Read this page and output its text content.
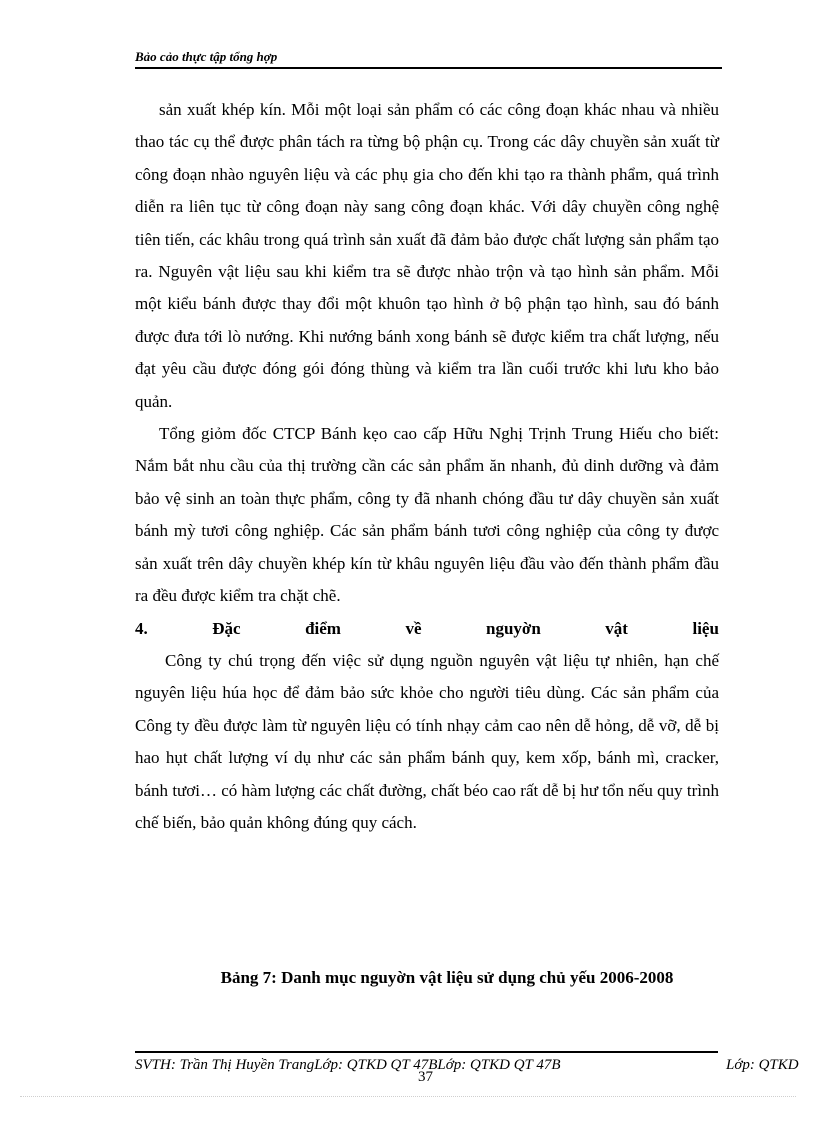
Bảo cảo thực tập tổng hợp

sản xuất khép kín. Mỗi một loại sản phẩm có các công đoạn khác nhau và nhiều thao tác cụ thể được phân tách ra từng bộ phận cụ. Trong các dây chuyền sản xuất từ công đoạn nhào nguyên liệu và các phụ gia cho đến khi tạo ra thành phẩm, quá trình diễn ra liên tục từ công đoạn này sang công đoạn khác. Với dây chuyền công nghệ tiên tiến, các khâu trong quá trình sản xuất đã đảm bảo được chất lượng sản phẩm tạo ra. Nguyên vật liệu sau khi kiểm tra sẽ được nhào trộn và tạo hình sản phẩm. Mỗi một kiểu bánh được thay đổi một khuôn tạo hình ở bộ phận tạo hình, sau đó bánh được đưa tới lò nướng. Khi nướng bánh xong bánh sẽ được kiểm tra chất lượng, nếu đạt yêu cầu được đóng gói đóng thùng và kiểm tra lần cuối trước khi lưu kho bảo quản.

Tổng giỏm đốc CTCP Bánh kẹo cao cấp Hữu Nghị Trịnh Trung Hiếu cho biết: Nắm bắt nhu cầu của thị trường cần các sản phẩm ăn nhanh, đủ dinh dưỡng và đảm bảo vệ sinh an toàn thực phẩm, công ty đã nhanh chóng đầu tư dây chuyền sản xuất bánh mỳ tươi công nghiệp. Các sản phẩm bánh tươi công nghiệp của công ty được sản xuất trên dây chuyền khép kín từ khâu nguyên liệu đầu vào đến thành phẩm đầu ra đều được kiểm tra chặt chẽ.

4.	Đặc	điểm	về	nguyờn	vật	liệu

Công ty chú trọng đến việc sử dụng nguồn nguyên vật liệu tự nhiên, hạn chế nguyên liệu húa học để đảm bảo sức khỏe cho người tiêu dùng. Các sản phẩm của Công ty đều được làm từ nguyên liệu có tính nhạy cảm cao nên dễ hỏng, dễ vỡ, dễ bị hao hụt chất lượng ví dụ như các sản phẩm bánh quy, kem xốp, bánh mì, cracker, bánh tươi… có hàm lượng các chất đường, chất béo cao rất dễ bị hư tổn nếu quy trình chế biến, bảo quản không đúng quy cách.

Bảng 7: Danh mục nguyờn vật liệu sử dụng chủ yếu 2006-2008
SVTH: Trần Thị Huyền TrangLớp: QTKD QT 47BLớp: QTKD QT 47B	Lớp: QTKD
37
